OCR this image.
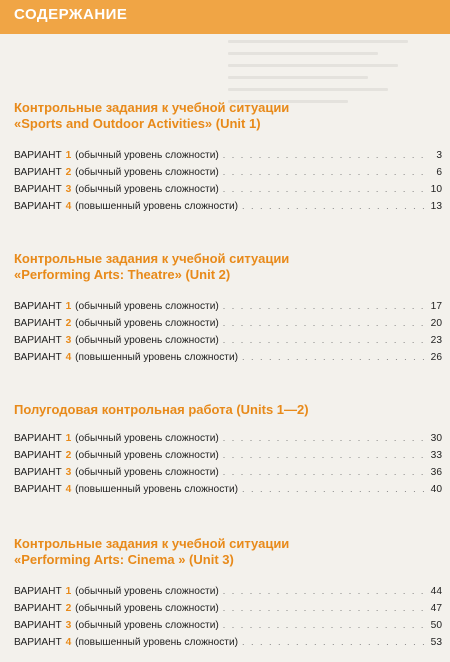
СОДЕРЖАНИЕ
Контрольные задания к учебной ситуации
«Sports and Outdoor Activities» (Unit 1)
ВАРИАНТ 1 (обычный уровень сложности) . . .	3
ВАРИАНТ 2 (обычный уровень сложности) . . .	6
ВАРИАНТ 3 (обычный уровень сложности) . . .	10
ВАРИАНТ 4 (повышенный уровень сложности) . . .	13
Контрольные задания к учебной ситуации
«Performing Arts: Theatre» (Unit 2)
ВАРИАНТ 1 (обычный уровень сложности) . . .	17
ВАРИАНТ 2 (обычный уровень сложности) . . .	20
ВАРИАНТ 3 (обычный уровень сложности) . . .	23
ВАРИАНТ 4 (повышенный уровень сложности) . . .	26
Полугодовая контрольная работа (Units 1—2)
ВАРИАНТ 1 (обычный уровень сложности) . . .	30
ВАРИАНТ 2 (обычный уровень сложности) . . .	33
ВАРИАНТ 3 (обычный уровень сложности) . . .	36
ВАРИАНТ 4 (повышенный уровень сложности) . . .	40
Контрольные задания к учебной ситуации
«Performing Arts: Cinema » (Unit 3)
ВАРИАНТ 1 (обычный уровень сложности) . . .	44
ВАРИАНТ 2 (обычный уровень сложности) . . .	47
ВАРИАНТ 3 (обычный уровень сложности) . . .	50
ВАРИАНТ 4 (повышенный уровень сложности) . . .	53
